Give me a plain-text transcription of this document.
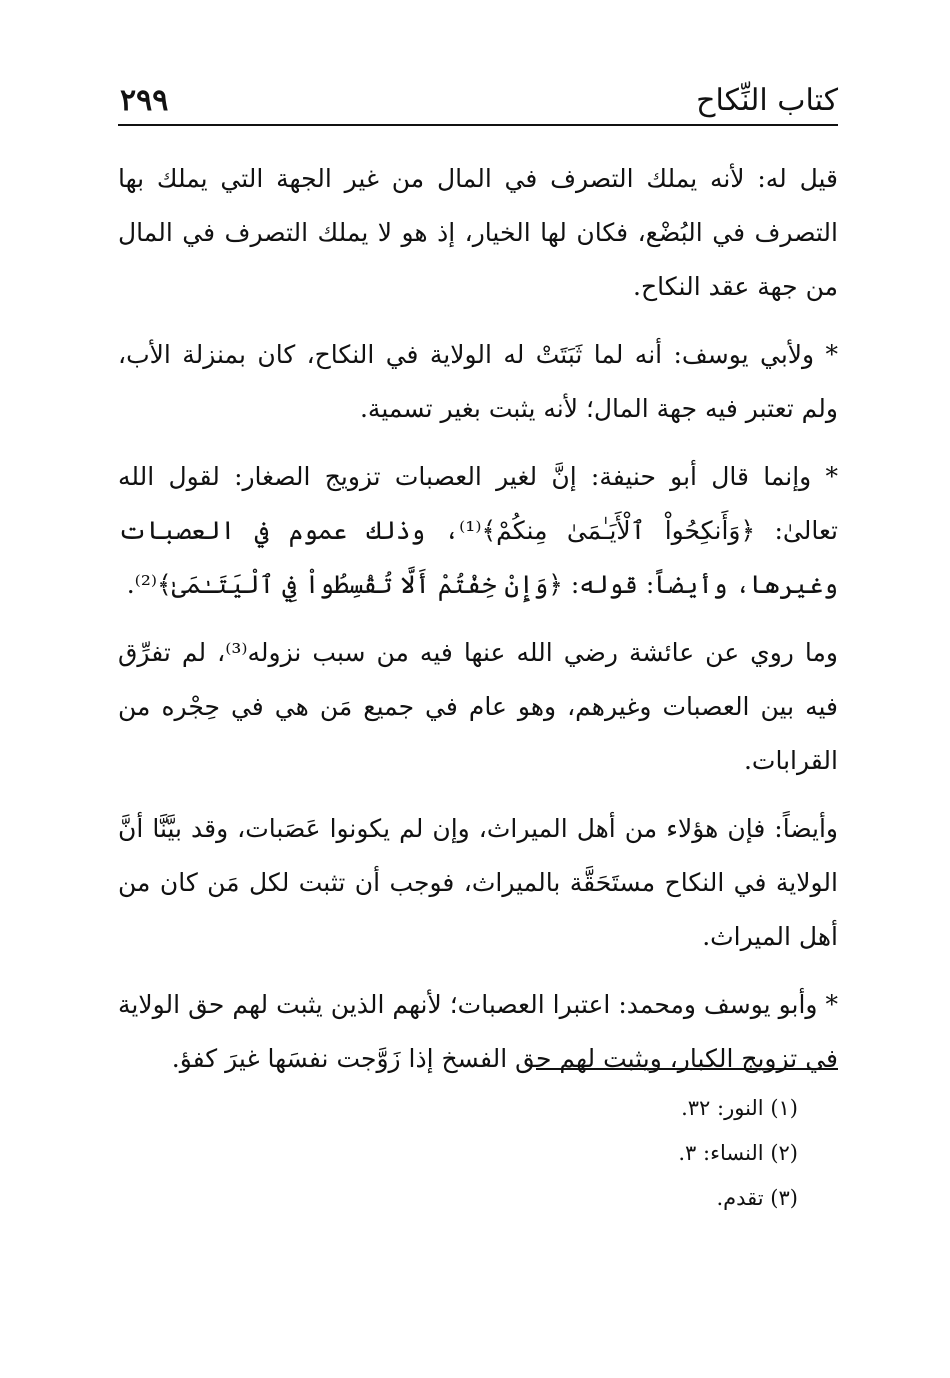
كتاب النِّكاح
٢٩٩

قيل له: لأنه يملك التصرف في المال من غير الجهة التي يملك بها التصرف في البُضْع، فكان لها الخيار، إذ هو لا يملك التصرف في المال من جهة عقد النكاح.

* ولأبي يوسف: أنه لما ثَبَتَتْ له الولاية في النكاح، كان بمنزلة الأب، ولم تعتبر فيه جهة المال؛ لأنه يثبت بغير تسمية.

* وإنما قال أبو حنيفة: إنَّ لغير العصبات تزويج الصغار: لقول الله تعالىٰ: ﴿وَأَنكِحُواْ ٱلْأَيَـٰمَىٰ مِنكُمْ﴾⁽¹⁾، وذلك عموم في العصبات وغيرها، وأيضاً: قوله: ﴿وَإِنْ خِفْتُمْ أَلَّا تُقْسِطُواْ فِي ٱلْيَتَـٰمَىٰ﴾⁽²⁾.

وما روي عن عائشة رضي الله عنها فيه من سبب نزوله⁽³⁾، لم تفرِّق فيه بين العصبات وغيرهم، وهو عام في جميع مَن هي في حِجْره من القرابات.

وأيضاً: فإن هؤلاء من أهل الميراث، وإن لم يكونوا عَصَبات، وقد بيَّنَّا أنَّ الولاية في النكاح مستَحَقَّة بالميراث، فوجب أن تثبت لكل مَن كان من أهل الميراث.

* وأبو يوسف ومحمد: اعتبرا العصبات؛ لأنهم الذين يثبت لهم حق الولاية في تزويج الكبار، ويثبت لهم حق الفسخ إذا زَوَّجت نفسَها غيرَ كفؤ.

(١) النور: ٣٢.

(٢) النساء: ٣.

(٣) تقدم.
